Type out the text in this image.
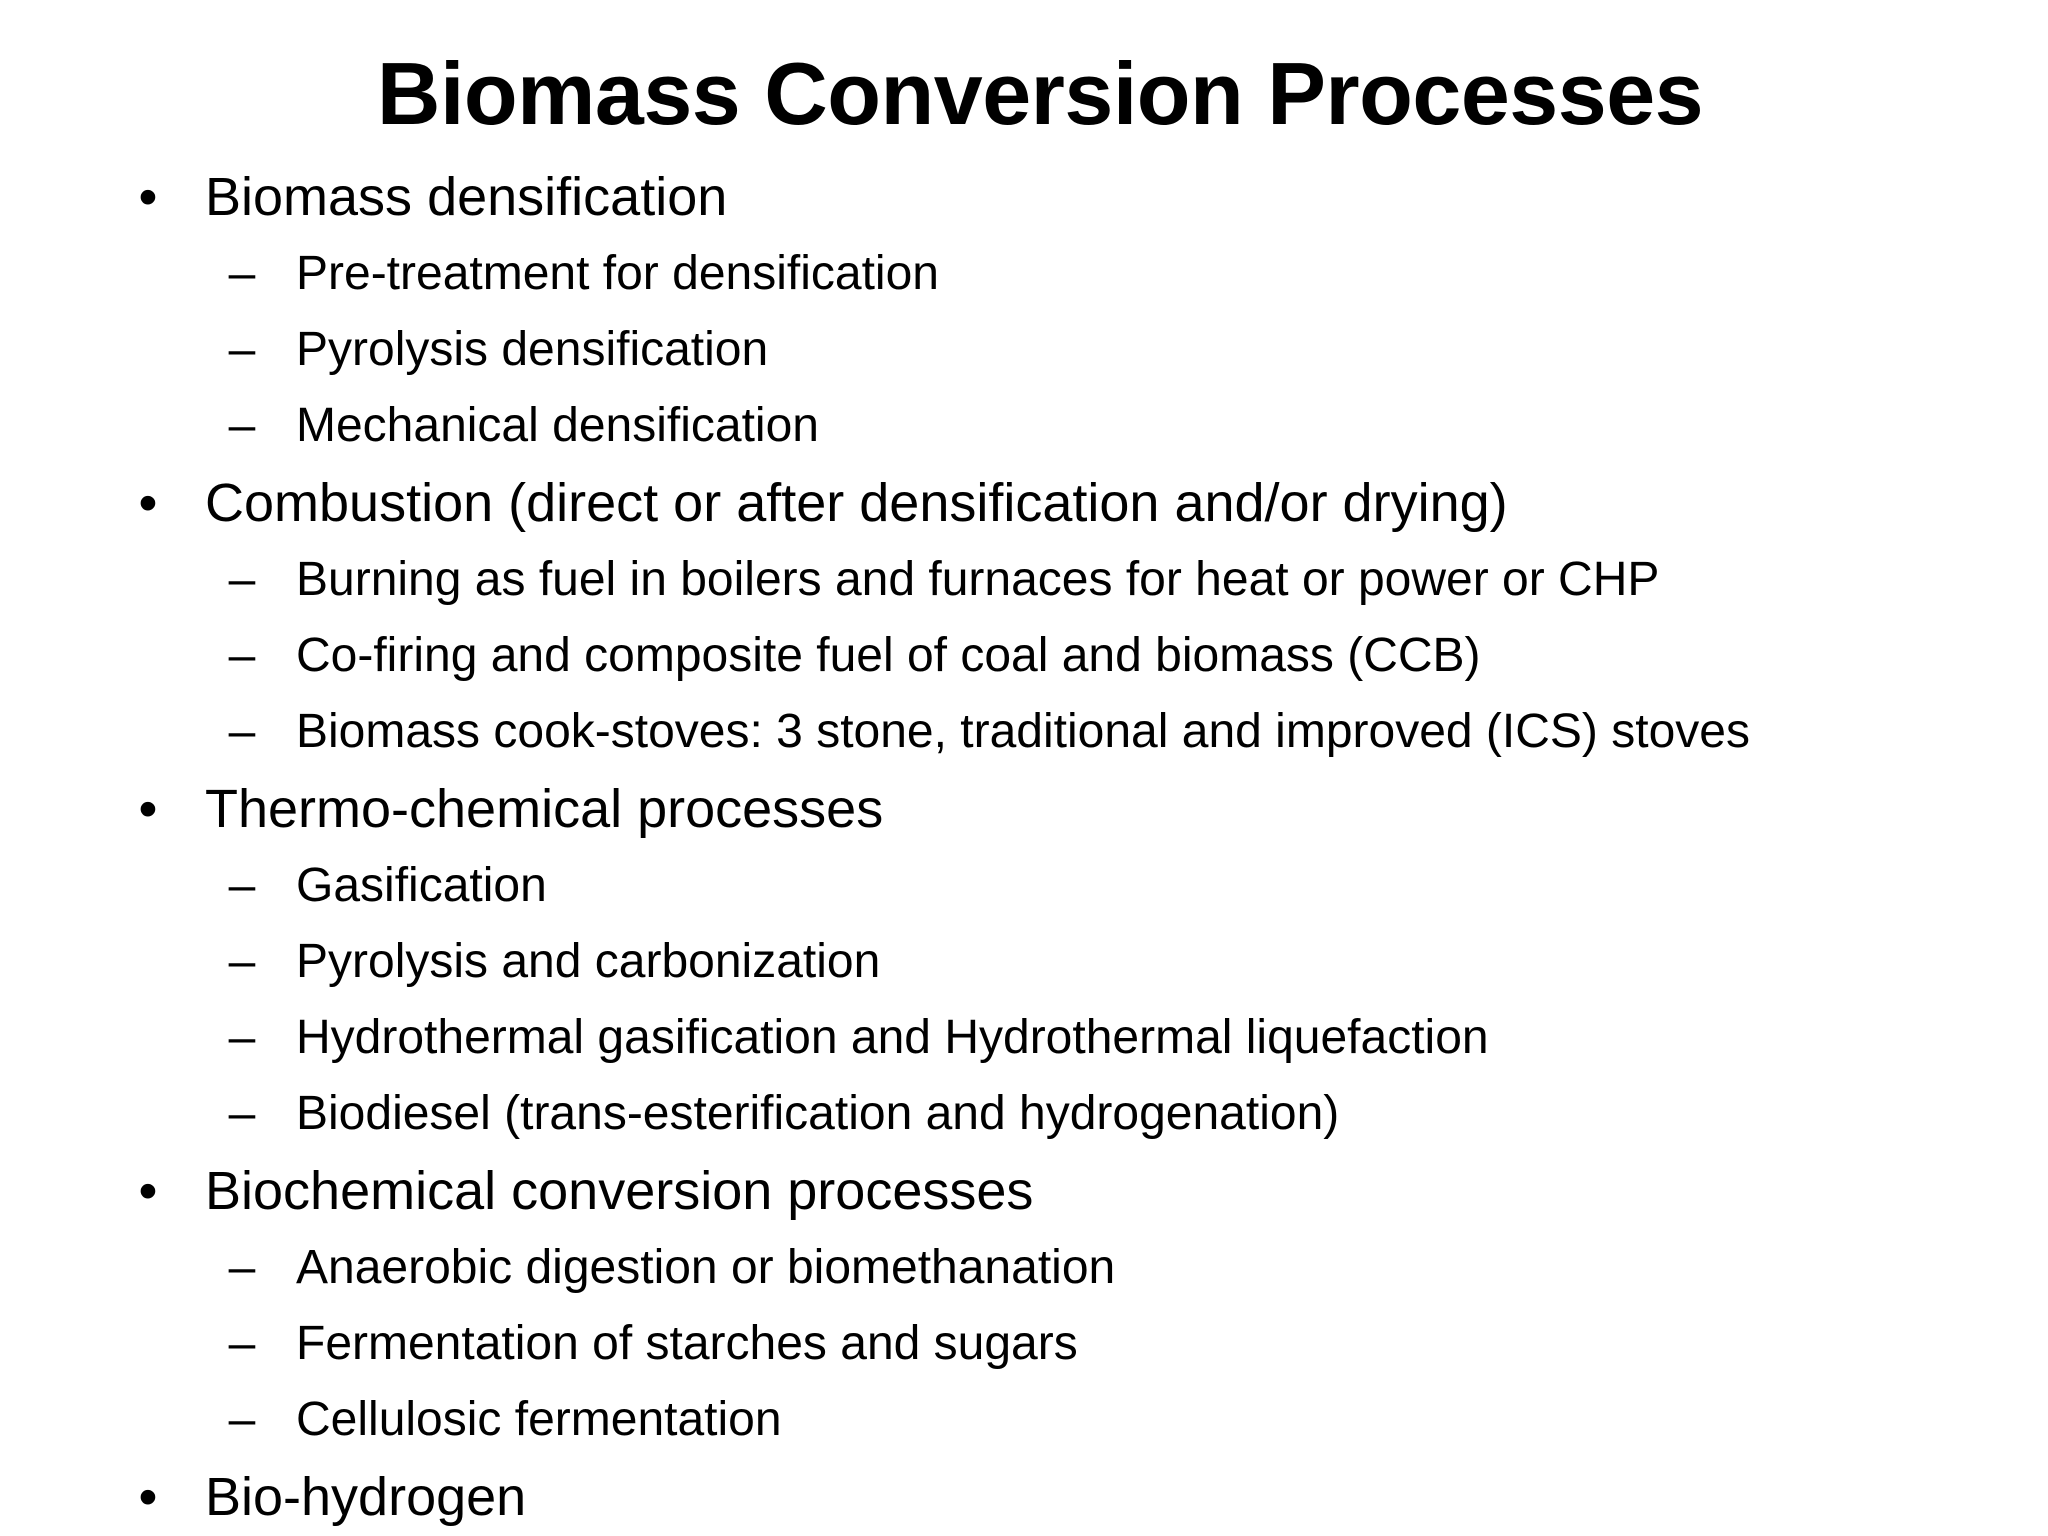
Biomass Conversion Processes
• Biomass densification
– Pre-treatment for densification
– Pyrolysis densification
– Mechanical densification
• Combustion (direct or after densification and/or drying)
– Burning as fuel in boilers and furnaces for heat or power or CHP
– Co-firing and composite fuel of coal and biomass (CCB)
– Biomass cook-stoves: 3 stone, traditional and improved (ICS) stoves
• Thermo-chemical processes
– Gasification
– Pyrolysis and carbonization
– Hydrothermal gasification and Hydrothermal liquefaction
– Biodiesel (trans-esterification and hydrogenation)
• Biochemical conversion processes
– Anaerobic digestion or biomethanation
– Fermentation of starches and sugars
– Cellulosic fermentation
• Bio-hydrogen
